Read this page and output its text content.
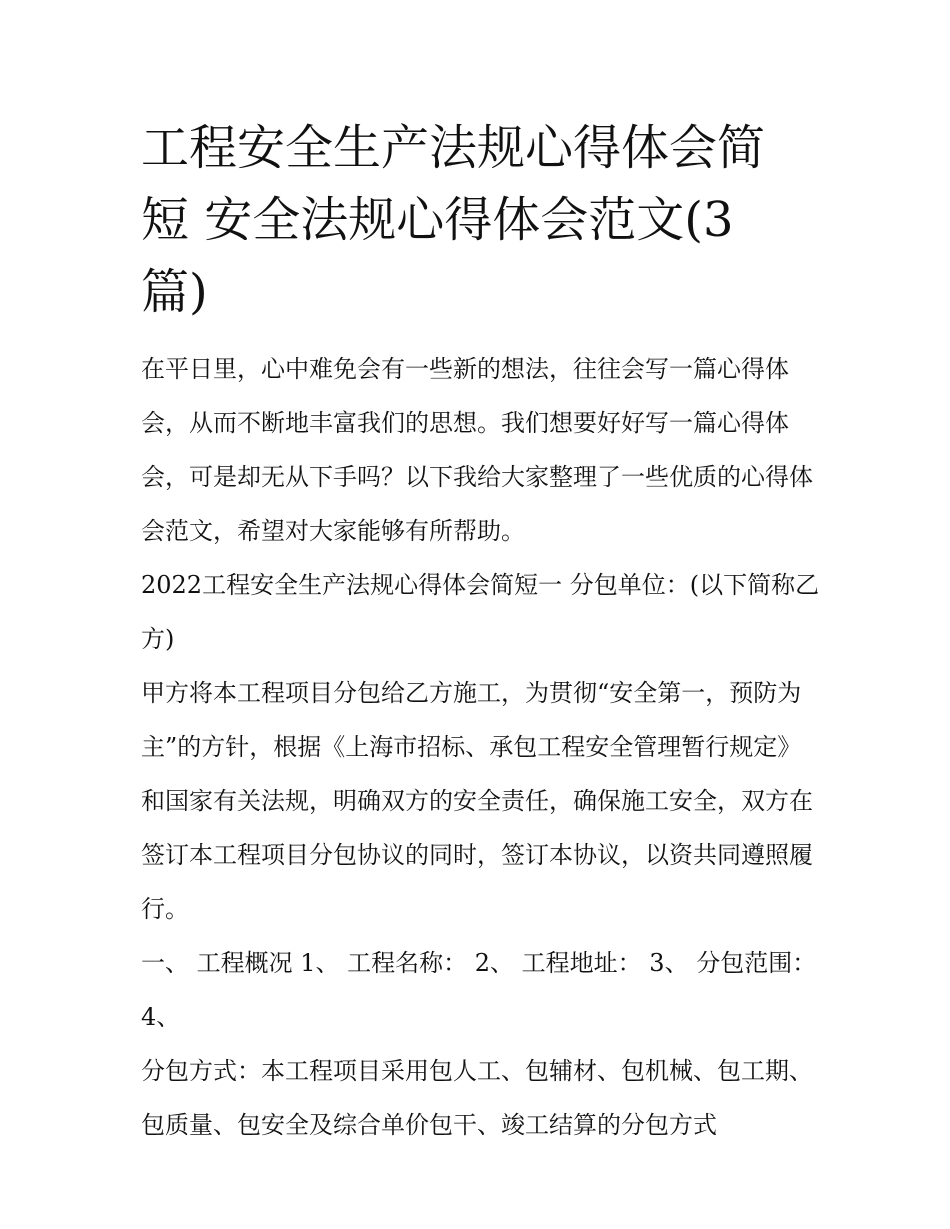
工程安全生产法规心得体会简
短 安全法规心得体会范文(3
篇)

在平日里，心中难免会有一些新的想法，往往会写一篇心得体会，从而不断地丰富我们的思想。我们想要好好写一篇心得体会，可是却无从下手吗？以下我给大家整理了一些优质的心得体会范文，希望对大家能够有所帮助。

2022工程安全生产法规心得体会简短一 分包单位：(以下简称乙方)

甲方将本工程项目分包给乙方施工，为贯彻“安全第一，预防为主”的方针，根据《上海市招标、承包工程安全管理暂行规定》和国家有关法规，明确双方的安全责任，确保施工安全，双方在签订本工程项目分包协议的同时，签订本协议，以资共同遵照履行。

一、 工程概况 1、 工程名称： 2、 工程地址： 3、 分包范围： 4、

分包方式：本工程项目采用包人工、包辅材、包机械、包工期、包质量、包安全及综合单价包干、竣工结算的分包方式
